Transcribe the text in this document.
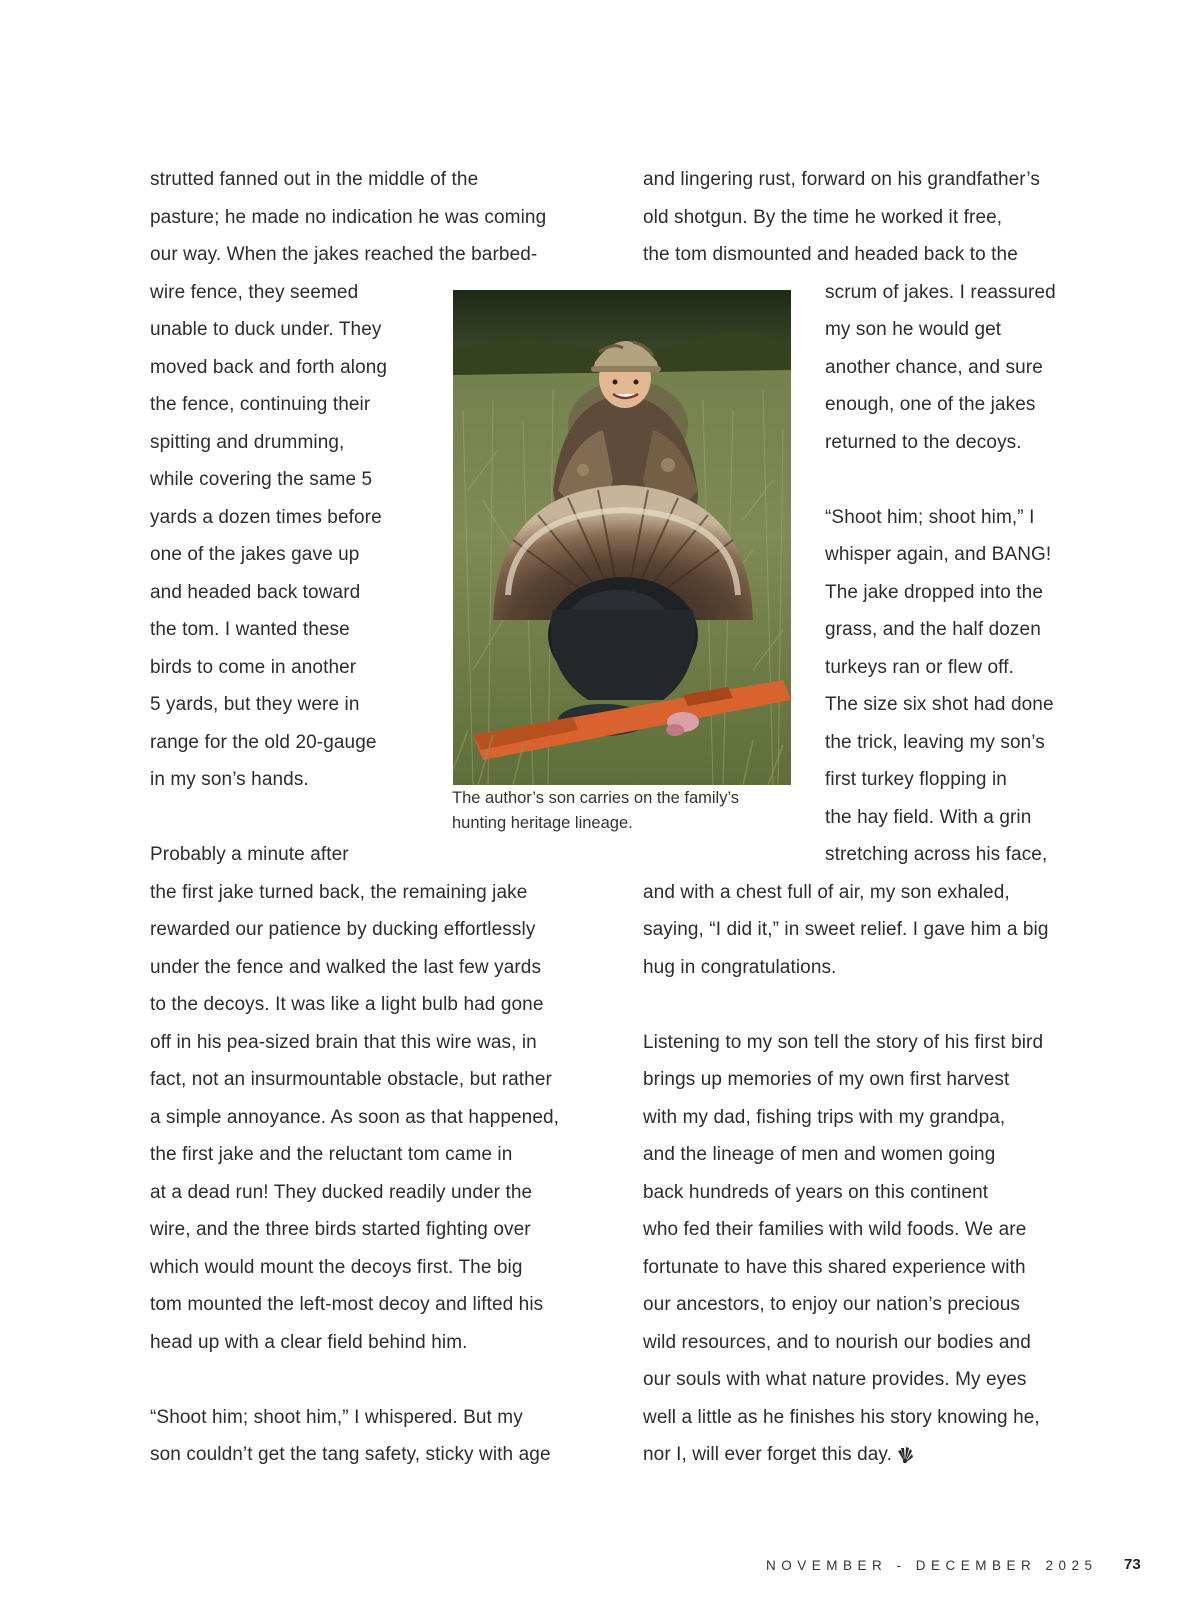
strutted fanned out in the middle of the
pasture; he made no indication he was coming
our way. When the jakes reached the barbed-
wire fence, they seemed
unable to duck under. They
moved back and forth along
the fence, continuing their
spitting and drumming,
while covering the same 5
yards a dozen times before
one of the jakes gave up
and headed back toward
the tom. I wanted these
birds to come in another
5 yards, but they were in
range for the old 20-gauge
in my son’s hands.
Probably a minute after
the first jake turned back, the remaining jake
rewarded our patience by ducking effortlessly
under the fence and walked the last few yards
to the decoys. It was like a light bulb had gone
off in his pea-sized brain that this wire was, in
fact, not an insurmountable obstacle, but rather
a simple annoyance. As soon as that happened,
the first jake and the reluctant tom came in
at a dead run! They ducked readily under the
wire, and the three birds started fighting over
which would mount the decoys first. The big
tom mounted the left-most decoy and lifted his
head up with a clear field behind him.
“Shoot him; shoot him,” I whispered. But my
son couldn’t get the tang safety, sticky with age
and lingering rust, forward on his grandfather’s
old shotgun. By the time he worked it free,
the tom dismounted and headed back to the
scrum of jakes. I reassured
my son he would get
another chance, and sure
enough, one of the jakes
returned to the decoys.
“Shoot him; shoot him,” I
whisper again, and BANG!
The jake dropped into the
grass, and the half dozen
turkeys ran or flew off.
The size six shot had done
the trick, leaving my son’s
first turkey flopping in
the hay field. With a grin
stretching across his face,
and with a chest full of air, my son exhaled,
saying, “I did it,” in sweet relief. I gave him a big
hug in congratulations.
Listening to my son tell the story of his first bird
brings up memories of my own first harvest
with my dad, fishing trips with my grandpa,
and the lineage of men and women going
back hundreds of years on this continent
who fed their families with wild foods. We are
fortunate to have this shared experience with
our ancestors, to enjoy our nation’s precious
wild resources, and to nourish our bodies and
our souls with what nature provides. My eyes
well a little as he finishes his story knowing he,
nor I, will ever forget this day.
The author’s son carries on the family’s
hunting heritage lineage.
NOVEMBER - DECEMBER 2025 73
